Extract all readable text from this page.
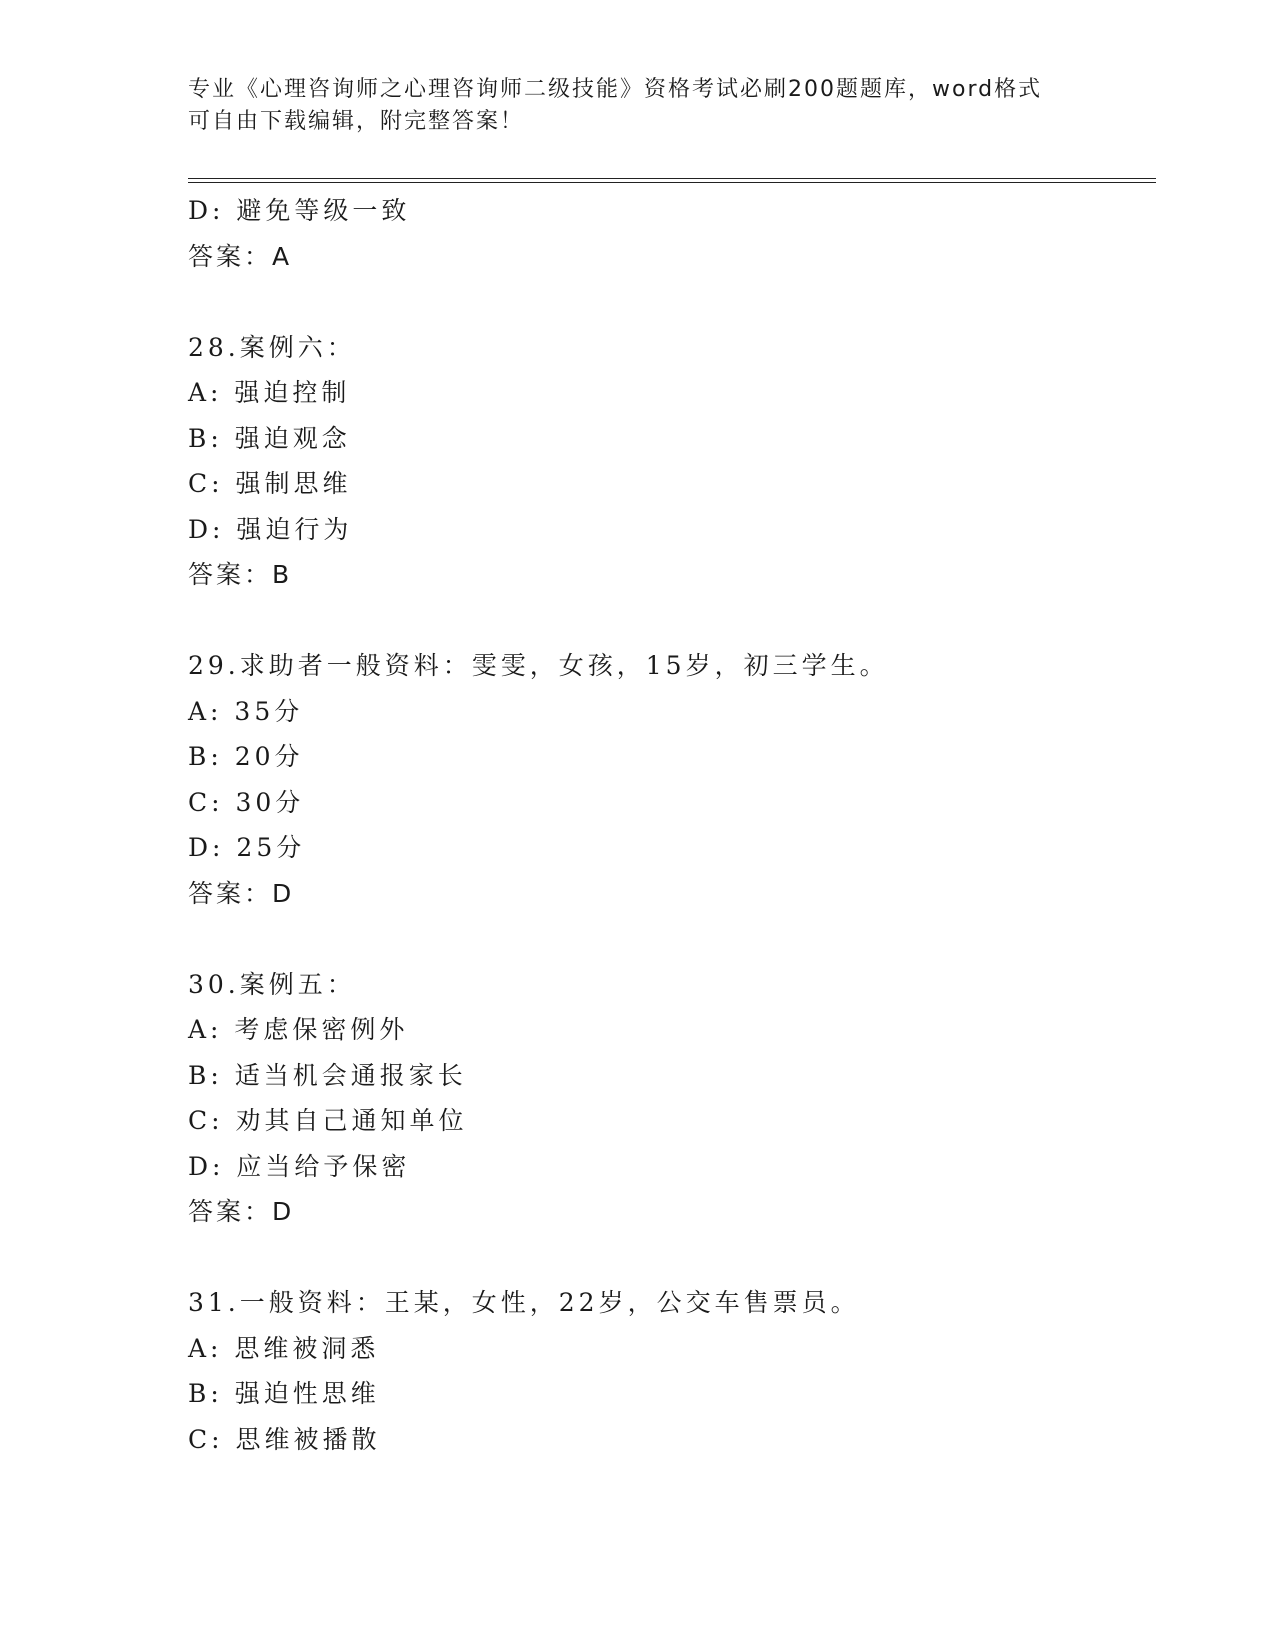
专业《心理咨询师之心理咨询师二级技能》资格考试必刷200题题库，word格式
可自由下载编辑，附完整答案！
D: 避免等级一致
答案：A
28.案例六：
A: 强迫控制
B: 强迫观念
C: 强制思维
D: 强迫行为
答案：B
29.求助者一般资料：雯雯，女孩，15岁，初三学生。
A: 35分
B: 20分
C: 30分
D: 25分
答案：D
30.案例五：
A: 考虑保密例外
B: 适当机会通报家长
C: 劝其自己通知单位
D: 应当给予保密
答案：D
31.一般资料：王某，女性，22岁，公交车售票员。
A: 思维被洞悉
B: 强迫性思维
C: 思维被播散
